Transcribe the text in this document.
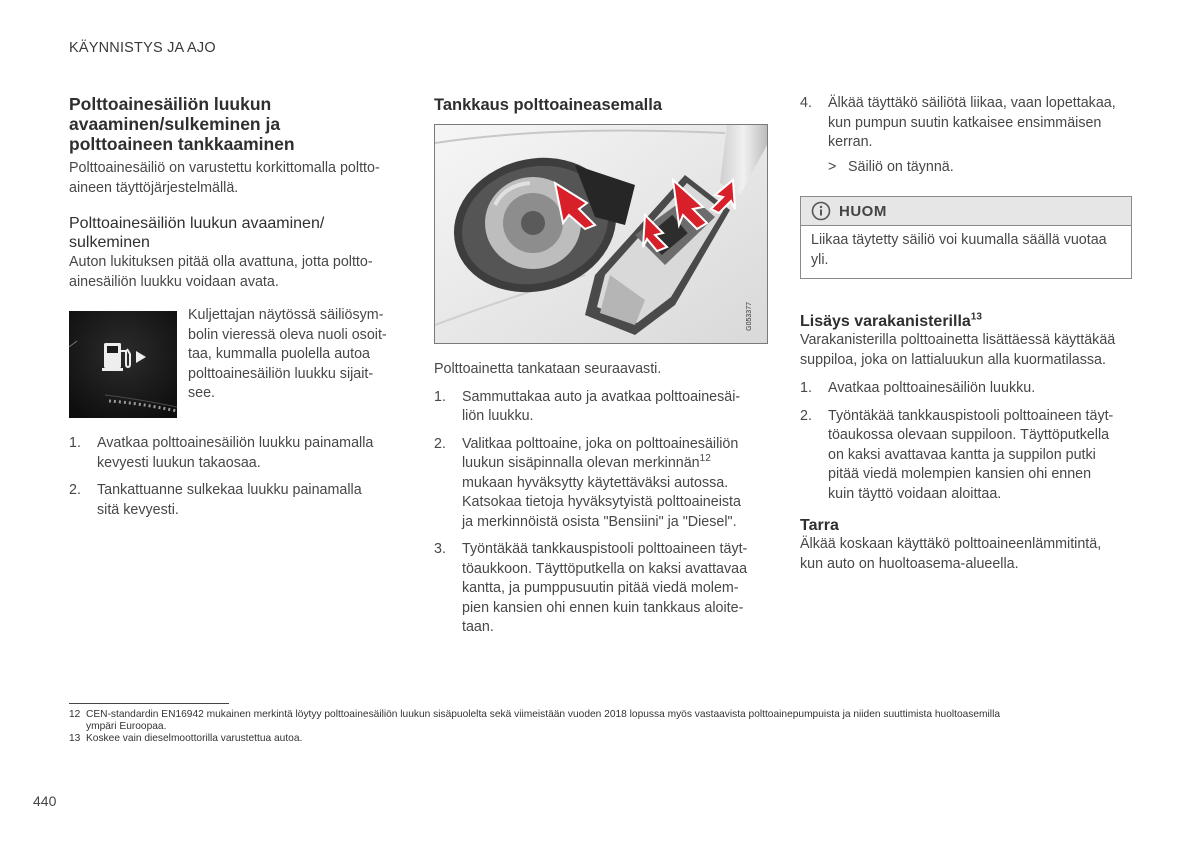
KÄYNNISTYS JA AJO
Polttoainesäiliön luukun
avaaminen/sulkeminen ja
polttoaineen tankkaaminen

Polttoainesäiliö on varustettu korkittomalla poltto-
aineen täyttöjärjestelmällä.

Polttoainesäiliön luukun avaaminen/
sulkeminen

Auton lukituksen pitää olla avattuna, jotta poltto-
ainesäiliön luukku voidaan avata.

Kuljettajan näytössä säiliösym-
bolin vieressä oleva nuoli osoit-
taa, kummalla puolella autoa
polttoainesäiliön luukku sijait-
see.

1. Avatkaa polttoainesäiliön luukku painamalla
kevyesti luukun takaosaa.
2. Tankattuanne sulkekaa luukku painamalla
sitä kevyesti.
Tankkaus polttoaineasemalla
G053377

Polttoainetta tankataan seuraavasti.

1. Sammuttakaa auto ja avatkaa polttoainesäi-
liön luukku.
2. Valitkaa polttoaine, joka on polttoainesäiliön
luukun sisäpinnalla olevan merkinnän$^{12}$
mukaan hyväksytty käytettäväksi autossa.
Katsokaa tietoja hyväksytyistä polttoaineista
ja merkinnöistä osista "Bensiini" ja "Diesel".
3. Työntäkää tankkauspistooli polttoaineen täyt-
töaukkoon. Täyttöputkella on kaksi avattavaa
kantta, ja pumppusuutin pitää viedä molem-
pien kansien ohi ennen kuin tankkaus aloite-
taan.
4. Älkää täyttäkö säiliötä liikaa, vaan lopettakaa,
kun pumpun suutin katkaisee ensimmäisen
kerran.

> Säiliö on täynnä.

HUOM
Liikaa täytetty säiliö voi kuumalla säällä vuotaa
yli.
Lisäys varakanisterilla$^{13}$

Varakanisterilla polttoainetta lisättäessä käyttäkää
suppiloa, joka on lattialuukun alla kuormatilassa.

1. Avatkaa polttoainesäiliön luukku.
2. Työntäkää tankkauspistooli polttoaineen täyt-
töaukossa olevaan suppiloon. Täyttöputkella
on kaksi avattavaa kantta ja suppilon putki
pitää viedä molempien kansien ohi ennen
kuin täyttö voidaan aloittaa.
Tarra

Älkää koskaan käyttäkö polttoaineenlämmitintä,
kun auto on huoltoasema-alueella.

12 CEN-standardin EN16942 mukainen merkintä löytyy polttoainesäiliön luukun sisäpuolelta sekä viimeistään vuoden 2018 lopussa myös vastaavista polttoainepumpuista ja niiden suuttimista huoltoasemilla
ympäri Euroopaa.
13 Koskee vain dieselmoottorilla varustettua autoa.
440
